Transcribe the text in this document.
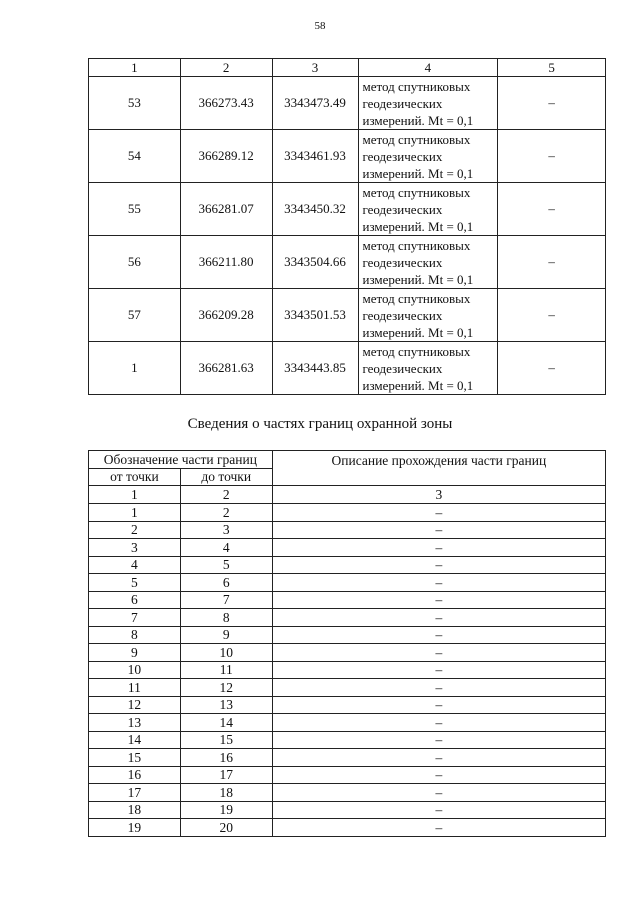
58
1	2	3	4	5
53	366273.43	3343473.49	метод спутниковых
геодезических
измерений. Mt = 0,1	–
54	366289.12	3343461.93	метод спутниковых
геодезических
измерений. Mt = 0,1	–
55	366281.07	3343450.32	метод спутниковых
геодезических
измерений. Mt = 0,1	–
56	366211.80	3343504.66	метод спутниковых
геодезических
измерений. Mt = 0,1	–
57	366209.28	3343501.53	метод спутниковых
геодезических
измерений. Mt = 0,1	–
1	366281.63	3343443.85	метод спутниковых
геодезических
измерений. Mt = 0,1	–
Сведения о частях границ охранной зоны
Обозначение части границ		Описание прохождения части границ
от точки	до точки	
1	2	3
1	2	–
2	3	–
3	4	–
4	5	–
5	6	–
6	7	–
7	8	–
8	9	–
9	10	–
10	11	–
11	12	–
12	13	–
13	14	–
14	15	–
15	16	–
16	17	–
17	18	–
18	19	–
19	20	–
